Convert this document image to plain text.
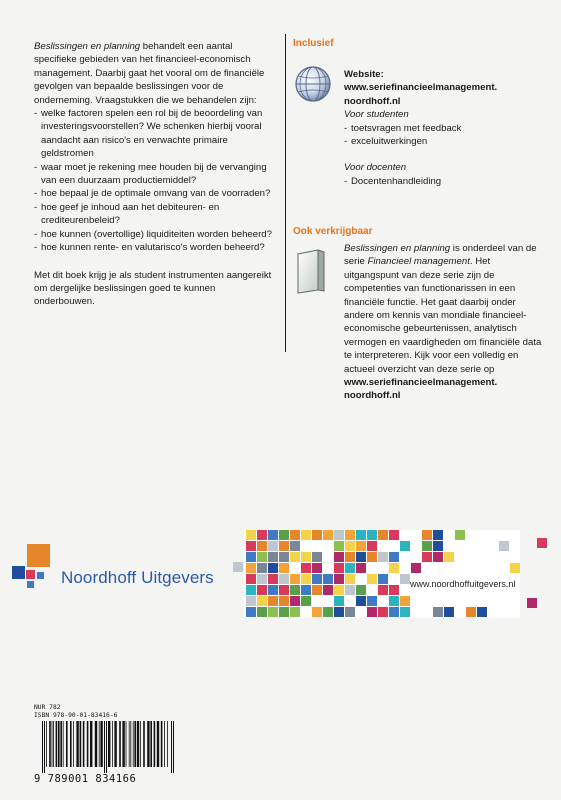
Beslissingen en planning behandelt een aantal specifieke gebieden van het financieel-economisch management. Daarbij gaat het vooral om de financiële gevolgen van bepaalde beslissingen voor de onderneming. Vraagstukken die we behandelen zijn:

- welke factoren spelen een rol bij de beoordeling van investeringsvoorstellen? We schenken hierbij vooral aandacht aan risico's en verwachte primaire geldstromen
- waar moet je rekening mee houden bij de vervanging van een duurzaam productiemiddel?
- hoe bepaal je de optimale omvang van de voorraden?
- hoe geef je inhoud aan het debiteuren- en crediteurenbeleid?
- hoe kunnen (overtollige) liquiditeiten worden beheerd?
- hoe kunnen rente- en valutarisco's worden beheerd?

Met dit boek krijg je als student instrumenten aangereikt om dergelijke beslissingen goed te kunnen onderbouwen.

Inclusief

Website:

www.seriefinancieelmanagement.
noordhoff.nl

Voor studenten

- toetsvragen met feedback
- exceluitwerkingen

Voor docenten

- Docentenhandleiding
Ook verkrijgbaar

Beslissingen en planning is onderdeel van de serie Financieel management. Het uitgangspunt van deze serie zijn de competenties van functionarissen in een financiële functie. Het gaat daarbij onder andere om kennis van mondiale financieel-economische gebeurtenissen, analytisch vermogen en vaardigheden om financiële data te interpreteren. Kijk voor een volledig en actueel overzicht van deze serie op

www.seriefinancieelmanagement.
noordhoff.nl

Noordhoff Uitgevers	www.noordhoffuitgevers.nl
NUR 782
ISBN 978-90-01-83416-6
9 789001 834166
